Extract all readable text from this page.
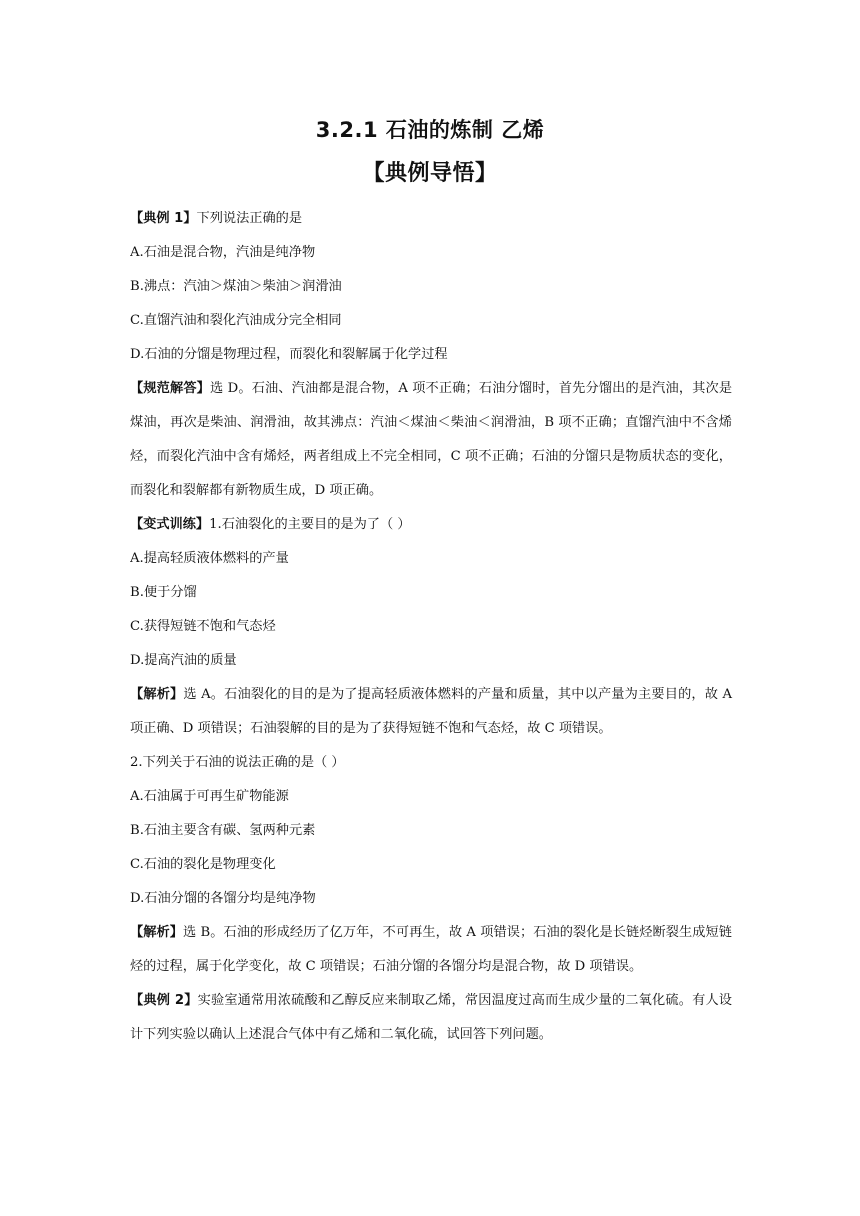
3.2.1 石油的炼制 乙烯
【典例导悟】
【典例 1】下列说法正确的是
A.石油是混合物，汽油是纯净物
B.沸点：汽油＞煤油＞柴油＞润滑油
C.直馏汽油和裂化汽油成分完全相同
D.石油的分馏是物理过程，而裂化和裂解属于化学过程
【规范解答】选 D。石油、汽油都是混合物，A 项不正确；石油分馏时，首先分馏出的是汽油，其次是煤油，再次是柴油、润滑油，故其沸点：汽油＜煤油＜柴油＜润滑油，B 项不正确；直馏汽油中不含烯烃，而裂化汽油中含有烯烃，两者组成上不完全相同，C 项不正确；石油的分馏只是物质状态的变化，而裂化和裂解都有新物质生成，D 项正确。
【变式训练】1.石油裂化的主要目的是为了（ ）
A.提高轻质液体燃料的产量
B.便于分馏
C.获得短链不饱和气态烃
D.提高汽油的质量
【解析】选 A。石油裂化的目的是为了提高轻质液体燃料的产量和质量，其中以产量为主要目的，故 A 项正确、D 项错误；石油裂解的目的是为了获得短链不饱和气态烃，故 C 项错误。
2.下列关于石油的说法正确的是（ ）
A.石油属于可再生矿物能源
B.石油主要含有碳、氢两种元素
C.石油的裂化是物理变化
D.石油分馏的各馏分均是纯净物
【解析】选 B。石油的形成经历了亿万年，不可再生，故 A 项错误；石油的裂化是长链烃断裂生成短链烃的过程，属于化学变化，故 C 项错误；石油分馏的各馏分均是混合物，故 D 项错误。
【典例 2】实验室通常用浓硫酸和乙醇反应来制取乙烯，常因温度过高而生成少量的二氧化硫。有人设计下列实验以确认上述混合气体中有乙烯和二氧化硫，试回答下列问题。
